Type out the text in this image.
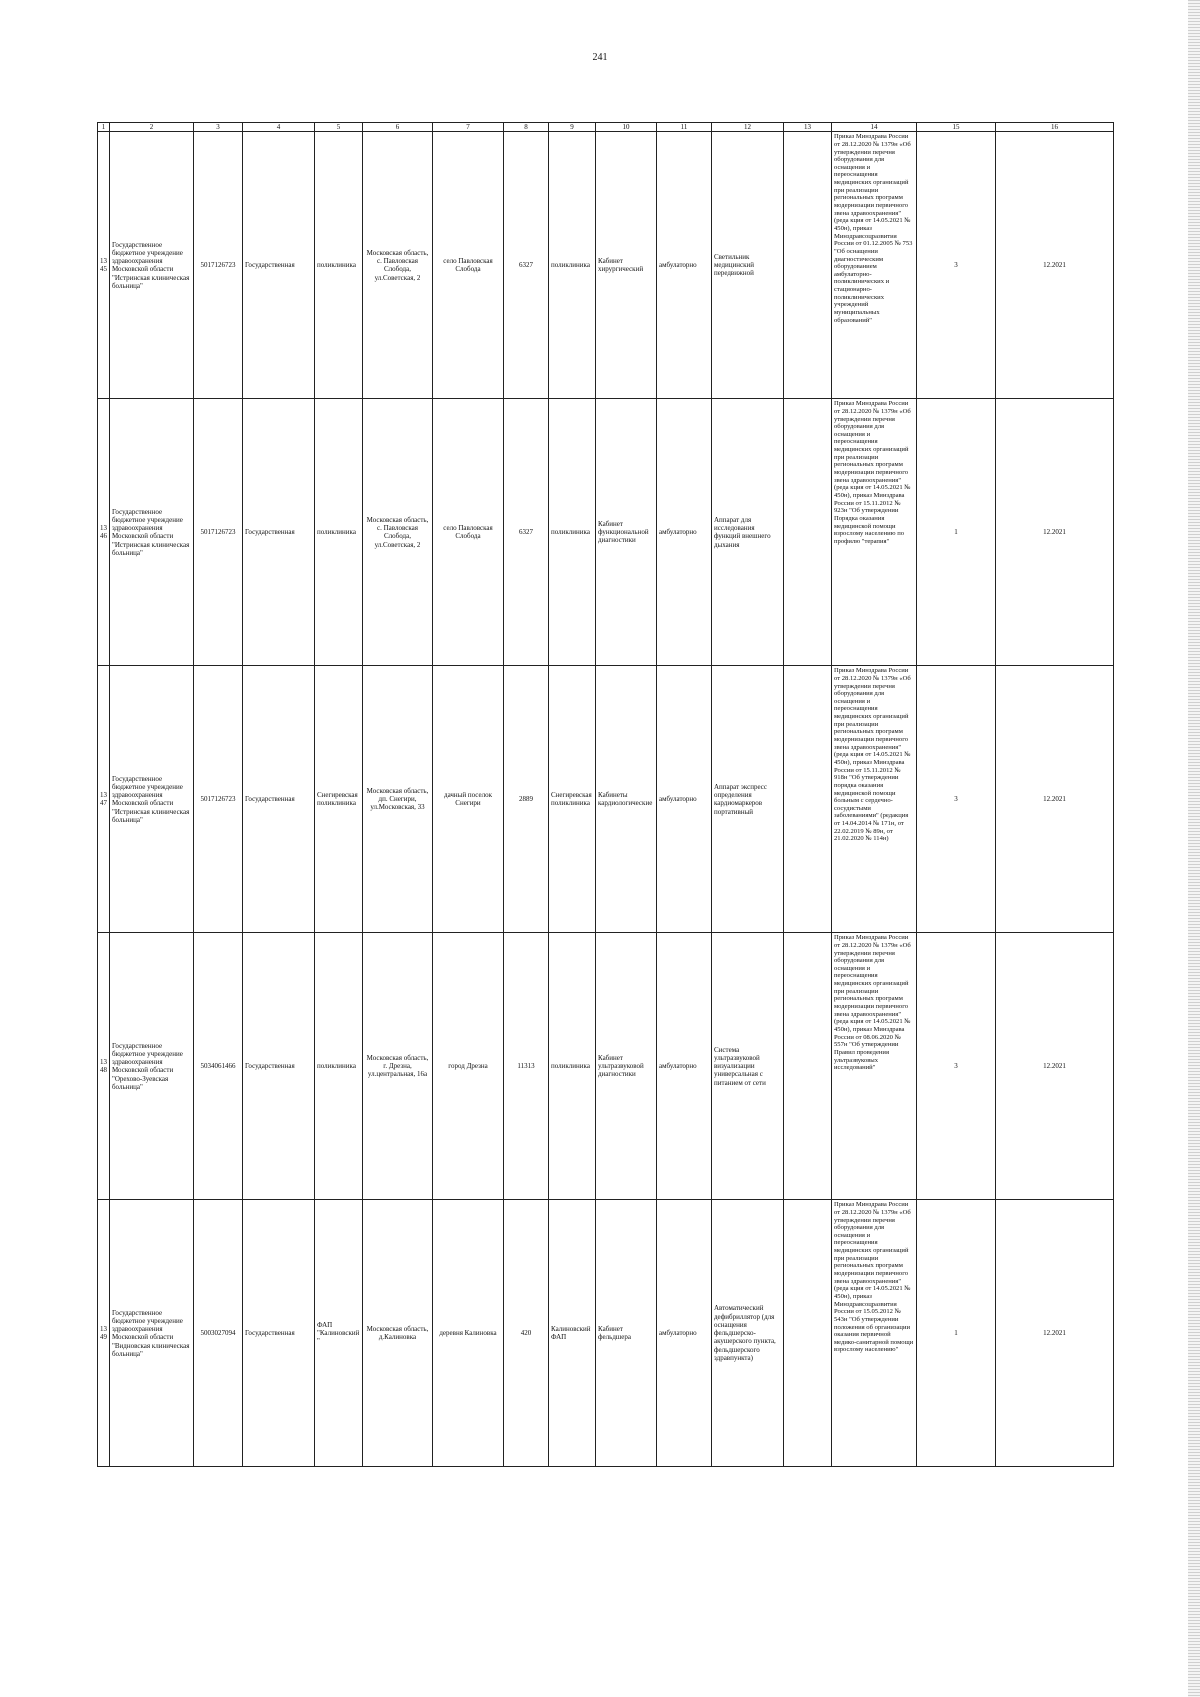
241
1	2	3	4	5	6	7	8	9	10	11	12	13	14	15	16
1345	Государственное бюджетное учреждение здравоохранения Московской области "Истринская клиническая больница"	5017126723	Государственная	поликлиника	Московская область, с. Павловская Слобода, ул.Советская, 2	село Павловская Слобода	6327	поликлиника	Кабинет хирургический	амбулаторно	Светильник медицинский передвижной		Приказ Минздрава России от 28.12.2020 № 1379н «Об утверждении перечня оборудования для оснащения и переоснащения медицинских организаций при реализации региональных программ модернизации первичного звена здравоохранения"(реда кция от 14.05.2021 № 450н), приказ Минздравсоцразвития России от 01.12.2005 № 753 "Об оснащении диагностическим оборудованием амбулаторно-поликлинических и стационарно-поликлинических учреждений муниципальных образований"	3	12.2021
1346	Государственное бюджетное учреждение здравоохранения Московской области "Истринская клиническая больница"	5017126723	Государственная	поликлиника	Московская область, с. Павловская Слобода, ул.Советская, 2	село Павловская Слобода	6327	поликлиника	Кабинет функциональной диагностики	амбулаторно	Аппарат для исследования функций внешнего дыхания		Приказ Минздрава России от 28.12.2020 № 1379н «Об утверждении перечня оборудования для оснащения и переоснащения медицинских организаций при реализации региональных программ модернизации первичного звена здравоохранения"(реда кция от 14.05.2021 № 450н), приказ Минздрава России от 15.11.2012 № 923н "Об утверждении Порядка оказания медицинской помощи взрослому населению по профилю "терапия"	1	12.2021
1347	Государственное бюджетное учреждение здравоохранения Московской области "Истринская клиническая больница"	5017126723	Государственная	Снегиревская поликлиника	Московская область, дп. Снегири, ул.Московская, 33	дачный поселок Снегири	2889	Снегиревская поликлиника	Кабинеты кардиологические	амбулаторно	Аппарат экспресс определения кардиомаркеров портативный		Приказ Минздрава России от 28.12.2020 № 1379н «Об утверждении перечня оборудования для оснащения и переоснащения медицинских организаций при реализации региональных программ модернизации первичного звена здравоохранения"(реда кция от 14.05.2021 № 450н), приказ Минздрава России от 15.11.2012 № 918н "Об утверждении порядка оказания медицинской помощи больным с сердечно-сосудистыми заболеваниями" (редакция от 14.04.2014 № 171н, от 22.02.2019 № 89н, от 21.02.2020 № 114н)	3	12.2021
1348	Государственное бюджетное учреждение здравоохранения Московской области "Орехово-Зуевская больница"	5034061466	Государственная	поликлиника	Московская область, г. Дрезна, ул.центральная, 16а	город Дрезна	11313	поликлиника	Кабинет ультразвуковой диагностики	амбулаторно	Система ультразвуковой визуализации универсальная с питанием от сети		Приказ Минздрава России от 28.12.2020 № 1379н «Об утверждении перечня оборудования для оснащения и переоснащения медицинских организаций при реализации региональных программ модернизации первичного звена здравоохранения"(реда кция от 14.05.2021 № 450н), приказ Минздрава России от 08.06.2020 № 557н "Об утверждении Правил проведения ультразвуковых исследований"	3	12.2021
1349	Государственное бюджетное учреждение здравоохранения Московской области "Видновская клиническая больница"	5003027094	Государственная	ФАП "Калиновский"	Московская область, д.Калиновка	деревня Калиновка	420	Калиновский ФАП	Кабинет фельдшера	амбулаторно	Автоматический дефибриллятор (для оснащения фельдшерско-акушерского пункта, фельдшерского здравпункта)		Приказ Минздрава России от 28.12.2020 № 1379н «Об утверждении перечня оборудования для оснащения и переоснащения медицинских организаций при реализации региональных программ модернизации первичного звена здравоохранения"(реда кция от 14.05.2021 № 450н), приказ Минздравсоцразвития России от 15.05.2012 № 543н "Об утверждении положения об организации оказания первичной медико-санитарной помощи взрослому населению"	1	12.2021
